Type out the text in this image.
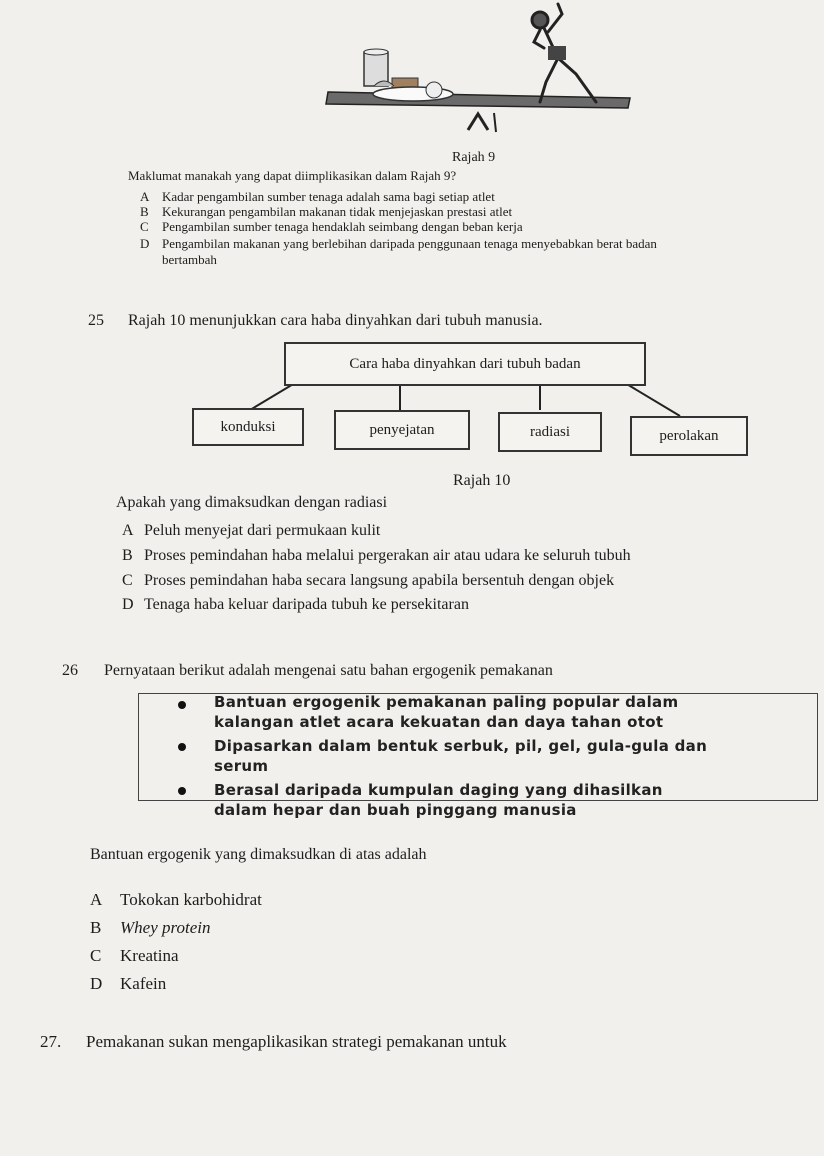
Rajah 9
Maklumat manakah yang dapat diimplikasikan dalam Rajah 9?
A Kadar pengambilan sumber tenaga adalah sama bagi setiap atlet
B Kekurangan pengambilan makanan tidak menjejaskan prestasi atlet
C Pengambilan sumber tenaga hendaklah seimbang dengan beban kerja
D Pengambilan makanan yang berlebihan daripada penggunaan tenaga menyebabkan berat badan
bertambah
25 Rajah 10 menunjukkan cara haba dinyahkan dari tubuh manusia.
Cara haba dinyahkan dari tubuh badan
konduksi	penyejatan	radiasi	perolakan
Rajah 10
Apakah yang dimaksudkan dengan radiasi
A Peluh menyejat dari permukaan kulit
B Proses pemindahan haba melalui pergerakan air atau udara ke seluruh tubuh
C Proses pemindahan haba secara langsung apabila bersentuh dengan objek
D Tenaga haba keluar daripada tubuh ke persekitaran
26 Pernyataan berikut adalah mengenai satu bahan ergogenik pemakanan
Bantuan ergogenik pemakanan paling popular dalam
kalangan atlet acara kekuatan dan daya tahan otot
Dipasarkan dalam bentuk serbuk, pil, gel, gula-gula dan
serum
Berasal daripada kumpulan daging yang dihasilkan
dalam hepar dan buah pinggang manusia
Bantuan ergogenik yang dimaksudkan di atas adalah
A Tokokan karbohidrat
B Whey protein
C Kreatina
D Kafein
27. Pemakanan sukan mengaplikasikan strategi pemakanan untuk
